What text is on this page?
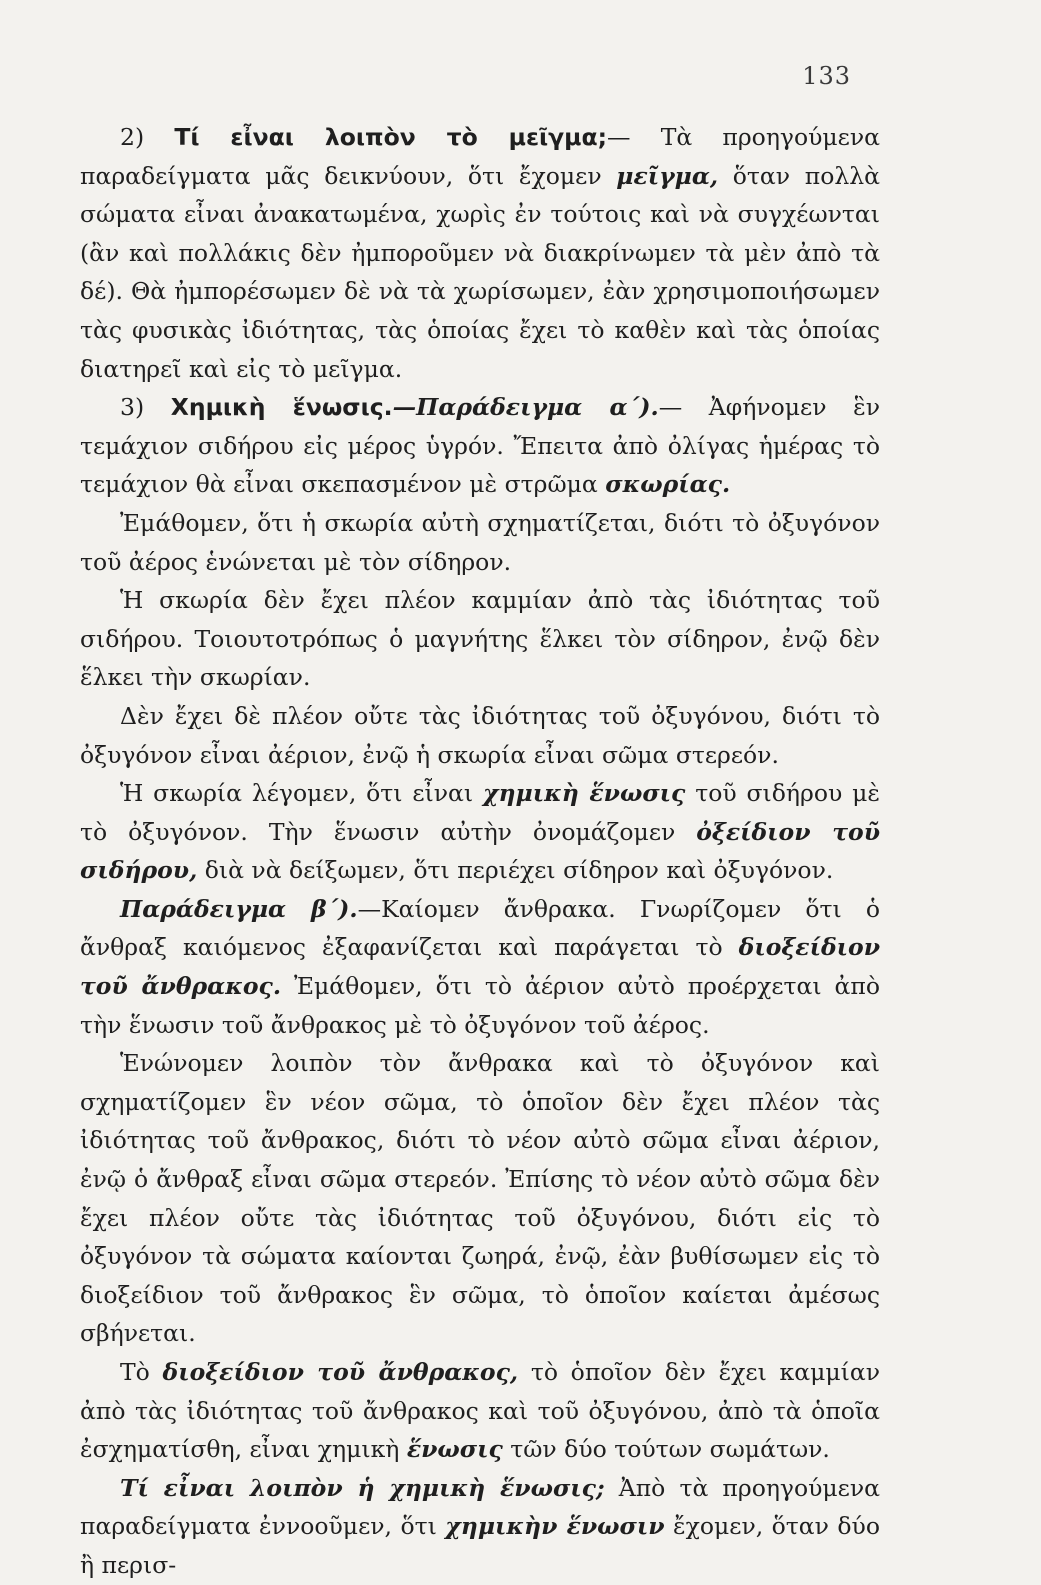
133

2) Τί εἶναι λοιπὸν τὸ μεῖγμα;— Τὰ προηγούμενα παραδείγματα μᾶς δεικνύουν, ὅτι ἔχομεν μεῖγμα, ὅταν πολλὰ σώματα εἶναι ἀνακατωμένα, χωρὶς ἐν τούτοις καὶ νὰ συγχέωνται (ἂν καὶ πολλάκις δὲν ἠμποροῦμεν νὰ διακρίνωμεν τὰ μὲν ἀπὸ τὰ δέ). Θὰ ἠμπορέσωμεν δὲ νὰ τὰ χωρίσωμεν, ἐὰν χρησιμοποιήσωμεν τὰς φυσικὰς ἰδιότητας, τὰς ὁποίας ἔχει τὸ καθὲν καὶ τὰς ὁποίας διατηρεῖ καὶ εἰς τὸ μεῖγμα.

3) Χημικὴ ἕνωσις.—Παράδειγμα α΄).— Ἀφήνομεν ἓν τεμάχιον σιδήρου εἰς μέρος ὑγρόν. Ἔπειτα ἀπὸ ὀλίγας ἡμέρας τὸ τεμάχιον θὰ εἶναι σκεπασμένον μὲ στρῶμα σκωρίας.

Ἐμάθομεν, ὅτι ἡ σκωρία αὐτὴ σχηματίζεται, διότι τὸ ὀξυγόνον τοῦ ἀέρος ἑνώνεται μὲ τὸν σίδηρον.

Ἡ σκωρία δὲν ἔχει πλέον καμμίαν ἀπὸ τὰς ἰδιότητας τοῦ σιδήρου. Τοιουτοτρόπως ὁ μαγνήτης ἕλκει τὸν σίδηρον, ἐνῷ δὲν ἕλκει τὴν σκωρίαν.

Δὲν ἔχει δὲ πλέον οὔτε τὰς ἰδιότητας τοῦ ὀξυγόνου, διότι τὸ ὀξυγόνον εἶναι ἀέριον, ἐνῷ ἡ σκωρία εἶναι σῶμα στερεόν.

Ἡ σκωρία λέγομεν, ὅτι εἶναι χημικὴ ἕνωσις τοῦ σιδήρου μὲ τὸ ὀξυγόνον. Τὴν ἕνωσιν αὐτὴν ὀνομάζομεν ὀξείδιον τοῦ σιδήρου, διὰ νὰ δείξωμεν, ὅτι περιέχει σίδηρον καὶ ὀξυγόνον.

Παράδειγμα β΄).—Καίομεν ἄνθρακα. Γνωρίζομεν ὅτι ὁ ἄνθραξ καιόμενος ἐξαφανίζεται καὶ παράγεται τὸ διοξείδιον τοῦ ἄνθρακος. Ἐμάθομεν, ὅτι τὸ ἀέριον αὐτὸ προέρχεται ἀπὸ τὴν ἕνωσιν τοῦ ἄνθρακος μὲ τὸ ὀξυγόνον τοῦ ἀέρος.

Ἑνώνομεν λοιπὸν τὸν ἄνθρακα καὶ τὸ ὀξυγόνον καὶ σχηματίζομεν ἓν νέον σῶμα, τὸ ὁποῖον δὲν ἔχει πλέον τὰς ἰδιότητας τοῦ ἄνθρακος, διότι τὸ νέον αὐτὸ σῶμα εἶναι ἀέριον, ἐνῷ ὁ ἄνθραξ εἶναι σῶμα στερεόν. Ἐπίσης τὸ νέον αὐτὸ σῶμα δὲν ἔχει πλέον οὔτε τὰς ἰδιότητας τοῦ ὀξυγόνου, διότι εἰς τὸ ὀξυγόνον τὰ σώματα καίονται ζωηρά, ἐνῷ, ἐὰν βυθίσωμεν εἰς τὸ διοξείδιον τοῦ ἄνθρακος ἓν σῶμα, τὸ ὁποῖον καίεται ἀμέσως σβήνεται.

Τὸ διοξείδιον τοῦ ἄνθρακος, τὸ ὁποῖον δὲν ἔχει καμμίαν ἀπὸ τὰς ἰδιότητας τοῦ ἄνθρακος καὶ τοῦ ὀξυγόνου, ἀπὸ τὰ ὁποῖα ἐσχηματίσθη, εἶναι χημικὴ ἕνωσις τῶν δύο τούτων σωμάτων.

Τί εἶναι λοιπὸν ἡ χημικὴ ἕνωσις; Ἀπὸ τὰ προηγούμενα παραδείγματα ἐννοοῦμεν, ὅτι χημικὴν ἕνωσιν ἔχομεν, ὅταν δύο ἢ περισ-
